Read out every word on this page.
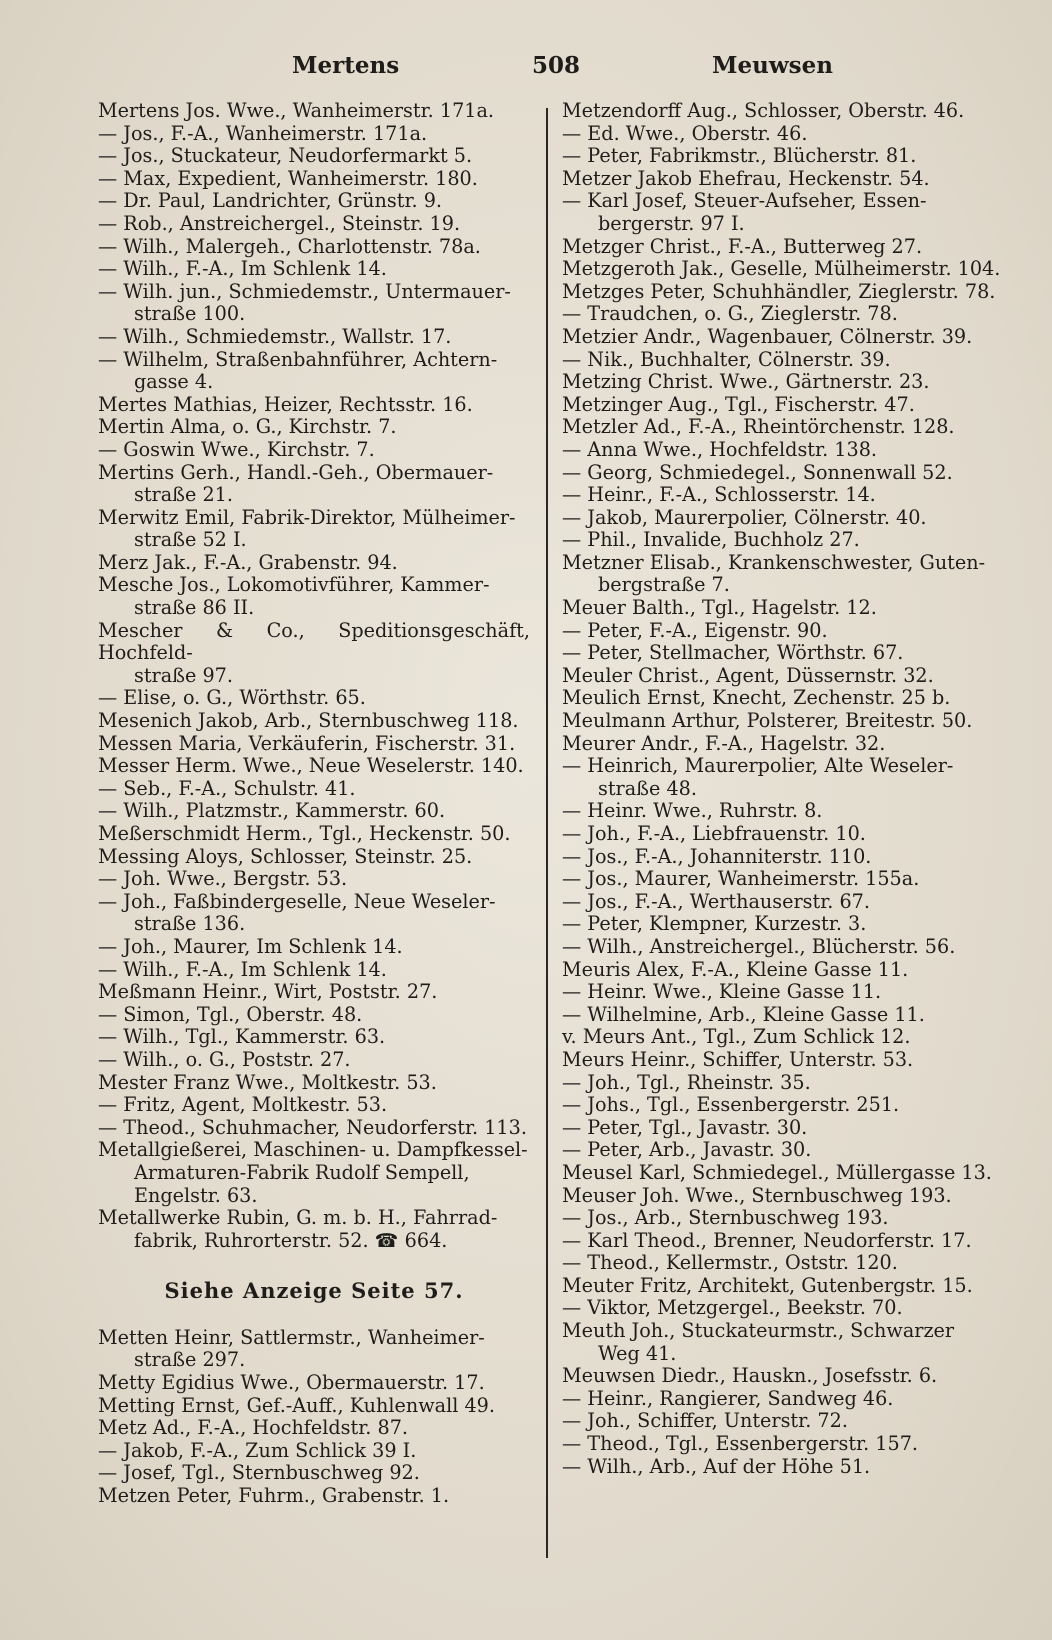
Mertens	508	Meuwsen
Mertens Jos. Wwe., Wanheimerstr. 171a.
— Jos., F.-A., Wanheimerstr. 171a.
— Jos., Stuckateur, Neudorfermarkt 5.
— Max, Expedient, Wanheimerstr. 180.
— Dr. Paul, Landrichter, Grünstr. 9.
— Rob., Anstreichergel., Steinstr. 19.
— Wilh., Malergeh., Charlottenstr. 78a.
— Wilh., F.-A., Im Schlenk 14.
— Wilh. jun., Schmiedemstr., Untermauer-
straße 100.
— Wilh., Schmiedemstr., Wallstr. 17.
— Wilhelm, Straßenbahnführer, Achtern-
gasse 4.
Mertes Mathias, Heizer, Rechtsstr. 16.
Mertin Alma, o. G., Kirchstr. 7.
— Goswin Wwe., Kirchstr. 7.
Mertins Gerh., Handl.-Geh., Obermauer-
straße 21.
Merwitz Emil, Fabrik-Direktor, Mülheimer-
straße 52 I.
Merz Jak., F.-A., Grabenstr. 94.
Mesche Jos., Lokomotivführer, Kammer-
straße 86 II.
Mescher & Co., Speditionsgeschäft, Hochfeld-
straße 97.
— Elise, o. G., Wörthstr. 65.
Mesenich Jakob, Arb., Sternbuschweg 118.
Messen Maria, Verkäuferin, Fischerstr. 31.
Messer Herm. Wwe., Neue Weselerstr. 140.
— Seb., F.-A., Schulstr. 41.
— Wilh., Platzmstr., Kammerstr. 60.
Meßerschmidt Herm., Tgl., Heckenstr. 50.
Messing Aloys, Schlosser, Steinstr. 25.
— Joh. Wwe., Bergstr. 53.
— Joh., Faßbindergeselle, Neue Weseler-
straße 136.
— Joh., Maurer, Im Schlenk 14.
— Wilh., F.-A., Im Schlenk 14.
Meßmann Heinr., Wirt, Poststr. 27.
— Simon, Tgl., Oberstr. 48.
— Wilh., Tgl., Kammerstr. 63.
— Wilh., o. G., Poststr. 27.
Mester Franz Wwe., Moltkestr. 53.
— Fritz, Agent, Moltkestr. 53.
— Theod., Schuhmacher, Neudorferstr. 113.
Metallgießerei, Maschinen- u. Dampfkessel-
Armaturen-Fabrik Rudolf Sempell,
Engelstr. 63.
Metallwerke Rubin, G. m. b. H., Fahrrad-
fabrik, Ruhrorterstr. 52. ☎ 664.
Siehe Anzeige Seite 57.
Metten Heinr, Sattlermstr., Wanheimer-
straße 297.
Metty Egidius Wwe., Obermauerstr. 17.
Metting Ernst, Gef.-Auff., Kuhlenwall 49.
Metz Ad., F.-A., Hochfeldstr. 87.
— Jakob, F.-A., Zum Schlick 39 I.
— Josef, Tgl., Sternbuschweg 92.
Metzen Peter, Fuhrm., Grabenstr. 1.
Metzendorff Aug., Schlosser, Oberstr. 46.
— Ed. Wwe., Oberstr. 46.
— Peter, Fabrikmstr., Blücherstr. 81.
Metzer Jakob Ehefrau, Heckenstr. 54.
— Karl Josef, Steuer-Aufseher, Essen-
bergerstr. 97 I.
Metzger Christ., F.-A., Butterweg 27.
Metzgeroth Jak., Geselle, Mülheimerstr. 104.
Metzges Peter, Schuhhändler, Zieglerstr. 78.
— Traudchen, o. G., Zieglerstr. 78.
Metzier Andr., Wagenbauer, Cölnerstr. 39.
— Nik., Buchhalter, Cölnerstr. 39.
Metzing Christ. Wwe., Gärtnerstr. 23.
Metzinger Aug., Tgl., Fischerstr. 47.
Metzler Ad., F.-A., Rheintörchenstr. 128.
— Anna Wwe., Hochfeldstr. 138.
— Georg, Schmiedegel., Sonnenwall 52.
— Heinr., F.-A., Schlosserstr. 14.
— Jakob, Maurerpolier, Cölnerstr. 40.
— Phil., Invalide, Buchholz 27.
Metzner Elisab., Krankenschwester, Guten-
bergstraße 7.
Meuer Balth., Tgl., Hagelstr. 12.
— Peter, F.-A., Eigenstr. 90.
— Peter, Stellmacher, Wörthstr. 67.
Meuler Christ., Agent, Düssernstr. 32.
Meulich Ernst, Knecht, Zechenstr. 25 b.
Meulmann Arthur, Polsterer, Breitestr. 50.
Meurer Andr., F.-A., Hagelstr. 32.
— Heinrich, Maurerpolier, Alte Weseler-
straße 48.
— Heinr. Wwe., Ruhrstr. 8.
— Joh., F.-A., Liebfrauenstr. 10.
— Jos., F.-A., Johanniterstr. 110.
— Jos., Maurer, Wanheimerstr. 155a.
— Jos., F.-A., Werthauserstr. 67.
— Peter, Klempner, Kurzestr. 3.
— Wilh., Anstreichergel., Blücherstr. 56.
Meuris Alex, F.-A., Kleine Gasse 11.
— Heinr. Wwe., Kleine Gasse 11.
— Wilhelmine, Arb., Kleine Gasse 11.
v. Meurs Ant., Tgl., Zum Schlick 12.
Meurs Heinr., Schiffer, Unterstr. 53.
— Joh., Tgl., Rheinstr. 35.
— Johs., Tgl., Essenbergerstr. 251.
— Peter, Tgl., Javastr. 30.
— Peter, Arb., Javastr. 30.
Meusel Karl, Schmiedegel., Müllergasse 13.
Meuser Joh. Wwe., Sternbuschweg 193.
— Jos., Arb., Sternbuschweg 193.
— Karl Theod., Brenner, Neudorferstr. 17.
— Theod., Kellermstr., Oststr. 120.
Meuter Fritz, Architekt, Gutenbergstr. 15.
— Viktor, Metzgergel., Beekstr. 70.
Meuth Joh., Stuckateurmstr., Schwarzer
Weg 41.
Meuwsen Diedr., Hauskn., Josefsstr. 6.
— Heinr., Rangierer, Sandweg 46.
— Joh., Schiffer, Unterstr. 72.
— Theod., Tgl., Essenbergerstr. 157.
— Wilh., Arb., Auf der Höhe 51.
